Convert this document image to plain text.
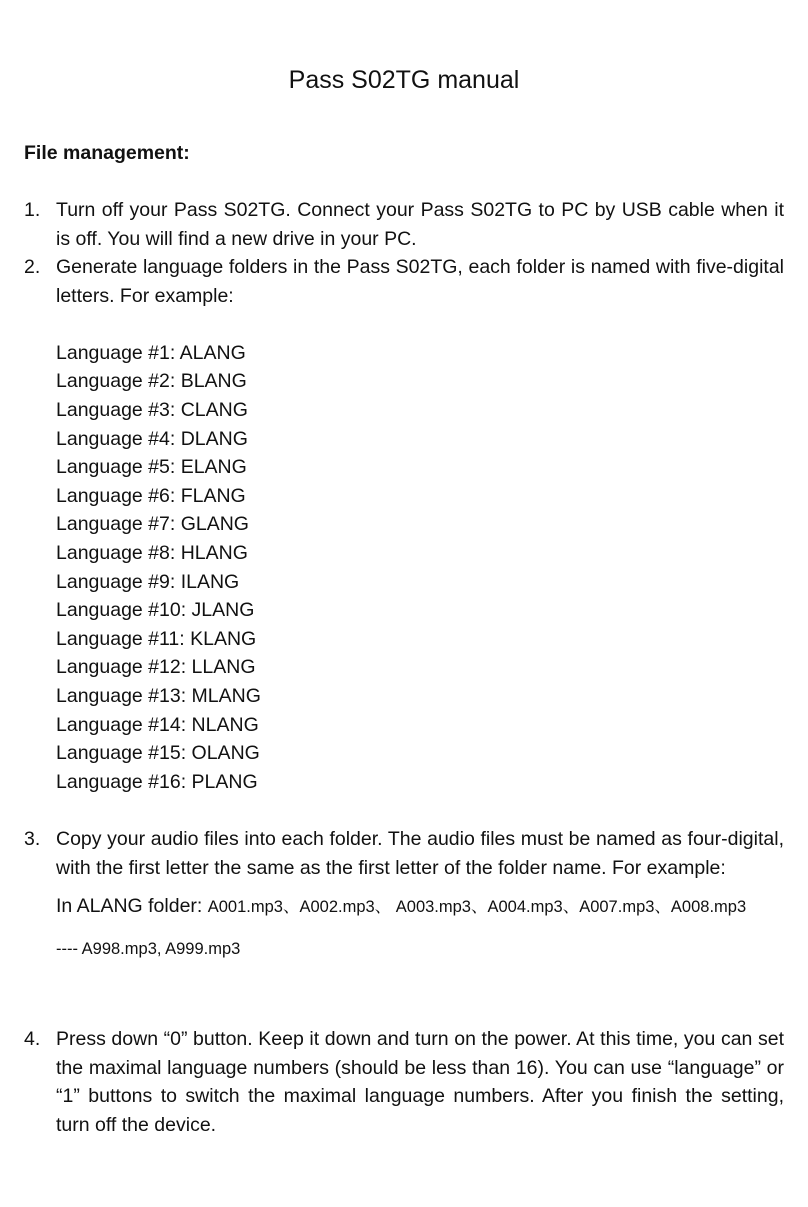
Pass S02TG manual
File management:
1. Turn off your Pass S02TG. Connect your Pass S02TG to PC by USB cable when it is off. You will find a new drive in your PC.
2. Generate language folders in the Pass S02TG, each folder is named with five-digital letters. For example:
Language #1: ALANG
Language #2: BLANG
Language #3: CLANG
Language #4: DLANG
Language #5: ELANG
Language #6: FLANG
Language #7: GLANG
Language #8: HLANG
Language #9: ILANG
Language #10: JLANG
Language #11: KLANG
Language #12: LLANG
Language #13: MLANG
Language #14: NLANG
Language #15: OLANG
Language #16: PLANG
3. Copy your audio files into each folder. The audio files must be named as four-digital, with the first letter the same as the first letter of the folder name. For example:
In ALANG folder: A001.mp3、A002.mp3、 A003.mp3、A004.mp3、A007.mp3、A008.mp3
---- A998.mp3, A999.mp3
4. Press down “0” button. Keep it down and turn on the power. At this time, you can set the maximal language numbers (should be less than 16). You can use “language” or “1” buttons to switch the maximal language numbers. After you finish the setting, turn off the device.
